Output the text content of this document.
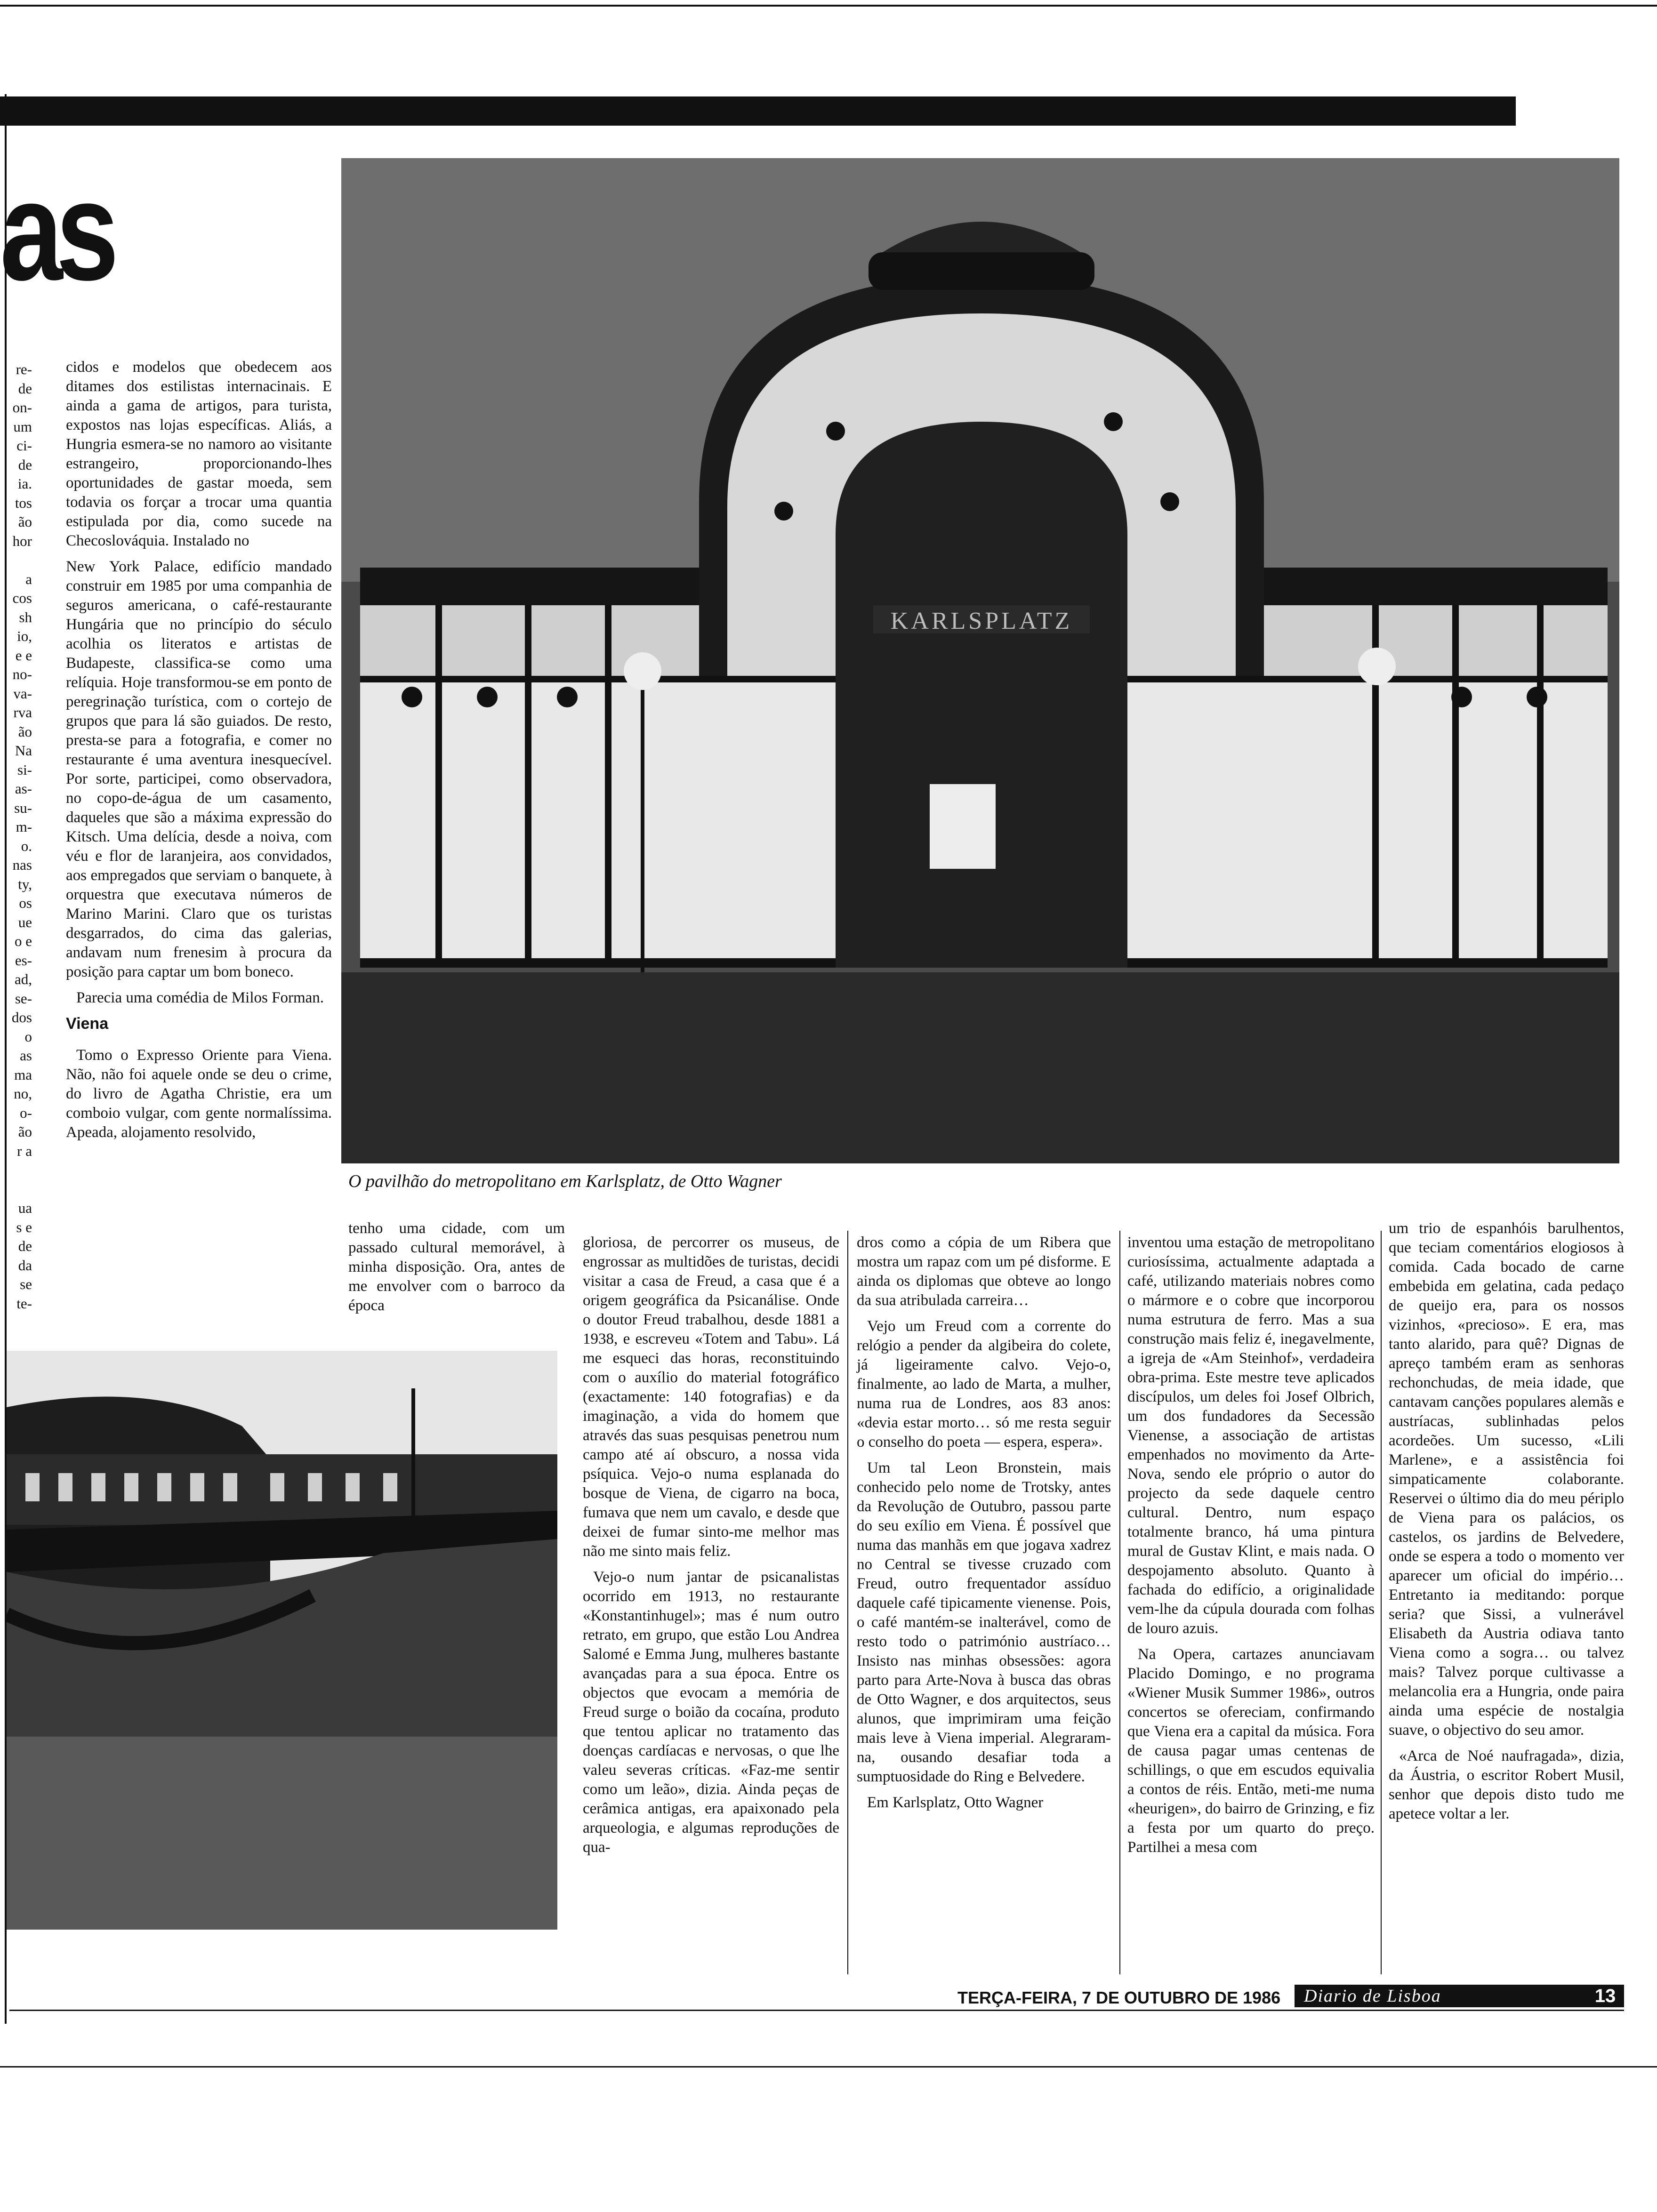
as
re-
de
on-
um
ci-
de
ia.
tos
ão
hor

a
cos
sh
io,
e e
no-
va-
rva
ão
Na
si-
as-
su-
m-
o.
nas
ty,
os
ue
o e
es-
ad,
se-
dos
o
as
ma
no,
o-
ão
r a

ua
s e
de
da
se
te-
KARLSPLATZ
O pavilhão do metropolitano em Karlsplatz, de Otto Wagner

cidos e modelos que obedecem aos ditames dos estilistas internacinais. E ainda a gama de artigos, para turista, expostos nas lojas específicas. Aliás, a Hungria esmera-se no namoro ao visitante estrangeiro, proporcionando-lhes oportunidades de gastar moeda, sem todavia os forçar a trocar uma quantia estipulada por dia, como sucede na Checoslováquia. Instalado no

New York Palace, edifício mandado construir em 1985 por uma companhia de seguros americana, o café-restaurante Hungária que no princípio do século acolhia os literatos e artistas de Budapeste, classifica-se como uma relíquia. Hoje transformou-se em ponto de peregrinação turística, com o cortejo de grupos que para lá são guiados. De resto, presta-se para a fotografia, e comer no restaurante é uma aventura inesquecível. Por sorte, participei, como observadora, no copo-de-água de um casamento, daqueles que são a máxima expressão do Kitsch. Uma delícia, desde a noiva, com véu e flor de laranjeira, aos convidados, aos empregados que serviam o banquete, à orquestra que executava números de Marino Marini. Claro que os turistas desgarrados, do cima das galerias, andavam num frenesim à procura da posição para captar um bom boneco.

Parecia uma comédia de Milos Forman.

Viena

Tomo o Expresso Oriente para Viena. Não, não foi aquele onde se deu o crime, do livro de Agatha Christie, era um comboio vulgar, com gente normalíssima. Apeada, alojamento resolvido,

tenho uma cidade, com um passado cultural memorável, à minha disposição. Ora, antes de me envolver com o barroco da época

gloriosa, de percorrer os museus, de engrossar as multidões de turistas, decidi visitar a casa de Freud, a casa que é a origem geográfica da Psicanálise. Onde o doutor Freud trabalhou, desde 1881 a 1938, e escreveu «Totem and Tabu». Lá me esqueci das horas, reconstituindo com o auxílio do material fotográfico (exactamente: 140 fotografias) e da imaginação, a vida do homem que através das suas pesquisas penetrou num campo até aí obscuro, a nossa vida psíquica. Vejo-o numa esplanada do bosque de Viena, de cigarro na boca, fumava que nem um cavalo, e desde que deixei de fumar sinto-me melhor mas não me sinto mais feliz.

Vejo-o num jantar de psicanalistas ocorrido em 1913, no restaurante «Konstantinhugel»; mas é num outro retrato, em grupo, que estão Lou Andrea Salomé e Emma Jung, mulheres bastante avançadas para a sua época. Entre os objectos que evocam a memória de Freud surge o boião da cocaína, produto que tentou aplicar no tratamento das doenças cardíacas e nervosas, o que lhe valeu severas críticas. «Faz-me sentir como um leão», dizia. Ainda peças de cerâmica antigas, era apaixonado pela arqueologia, e algumas reproduções de qua-

dros como a cópia de um Ribera que mostra um rapaz com um pé disforme. E ainda os diplomas que obteve ao longo da sua atribulada carreira…

Vejo um Freud com a corrente do relógio a pender da algibeira do colete, já ligeiramente calvo. Vejo-o, finalmente, ao lado de Marta, a mulher, numa rua de Londres, aos 83 anos: «devia estar morto… só me resta seguir o conselho do poeta — espera, espera».

Um tal Leon Bronstein, mais conhecido pelo nome de Trotsky, antes da Revolução de Outubro, passou parte do seu exílio em Viena. É possível que numa das manhãs em que jogava xadrez no Central se tivesse cruzado com Freud, outro frequentador assíduo daquele café tipicamente vienense. Pois, o café mantém-se inalterável, como de resto todo o património austríaco… Insisto nas minhas obsessões: agora parto para Arte-Nova à busca das obras de Otto Wagner, e dos arquitectos, seus alunos, que imprimiram uma feição mais leve à Viena imperial. Alegraram-na, ousando desafiar toda a sumptuosidade do Ring e Belvedere.

Em Karlsplatz, Otto Wagner

inventou uma estação de metropolitano curiosíssima, actualmente adaptada a café, utilizando materiais nobres como o mármore e o cobre que incorporou numa estrutura de ferro. Mas a sua construção mais feliz é, inegavelmente, a igreja de «Am Steinhof», verdadeira obra-prima. Este mestre teve aplicados discípulos, um deles foi Josef Olbrich, um dos fundadores da Secessão Vienense, a associação de artistas empenhados no movimento da Arte-Nova, sendo ele próprio o autor do projecto da sede daquele centro cultural. Dentro, num espaço totalmente branco, há uma pintura mural de Gustav Klint, e mais nada. O despojamento absoluto. Quanto à fachada do edifício, a originalidade vem-lhe da cúpula dourada com folhas de louro azuis.

Na Opera, cartazes anunciavam Placido Domingo, e no programa «Wiener Musik Summer 1986», outros concertos se ofereciam, confirmando que Viena era a capital da música. Fora de causa pagar umas centenas de schillings, o que em escudos equivalia a contos de réis. Então, meti-me numa «heurigen», do bairro de Grinzing, e fiz a festa por um quarto do preço. Partilhei a mesa com

um trio de espanhóis barulhentos, que teciam comentários elogiosos à comida. Cada bocado de carne embebida em gelatina, cada pedaço de queijo era, para os nossos vizinhos, «precioso». E era, mas tanto alarido, para quê? Dignas de apreço também eram as senhoras rechonchudas, de meia idade, que cantavam canções populares alemãs e austríacas, sublinhadas pelos acordeões. Um sucesso, «Lili Marlene», e a assistência foi simpaticamente colaborante. Reservei o último dia do meu périplo de Viena para os palácios, os castelos, os jardins de Belvedere, onde se espera a todo o momento ver aparecer um oficial do império… Entretanto ia meditando: porque seria? que Sissi, a vulnerável Elisabeth da Austria odiava tanto Viena como a sogra… ou talvez mais? Talvez porque cultivasse a melancolia era a Hungria, onde paira ainda uma espécie de nostalgia suave, o objectivo do seu amor.

«Arca de Noé naufragada», dizia, da Áustria, o escritor Robert Musil, senhor que depois disto tudo me apetece voltar a ler.

TERÇA-FEIRA, 7 DE OUTUBRO DE 1986	Diario de Lisboa	13
